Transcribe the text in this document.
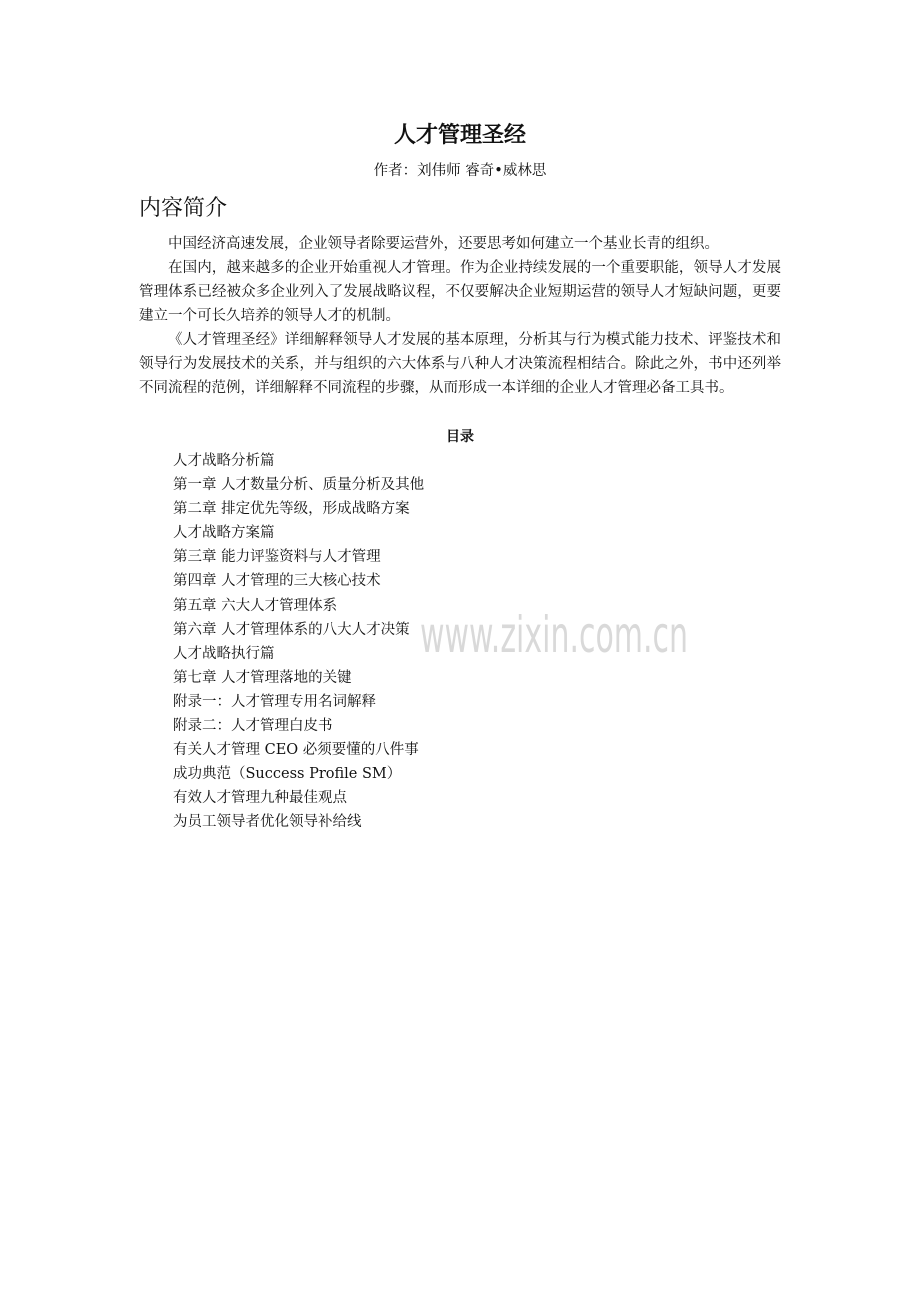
人才管理圣经
作者：刘伟师 睿奇•威林思
内容简介

中国经济高速发展，企业领导者除要运营外，还要思考如何建立一个基业长青的组织。

在国内，越来越多的企业开始重视人才管理。作为企业持续发展的一个重要职能，领导人才发展管理体系已经被众多企业列入了发展战略议程，不仅要解决企业短期运营的领导人才短缺问题，更要建立一个可长久培养的领导人才的机制。

《人才管理圣经》详细解释领导人才发展的基本原理，分析其与行为模式能力技术、评鉴技术和领导行为发展技术的关系，并与组织的六大体系与八种人才决策流程相结合。除此之外，书中还列举不同流程的范例，详细解释不同流程的步骤，从而形成一本详细的企业人才管理必备工具书。

目录
人才战略分析篇
第一章 人才数量分析、质量分析及其他
第二章 排定优先等级，形成战略方案
人才战略方案篇
第三章 能力评鉴资料与人才管理
第四章 人才管理的三大核心技术
第五章 六大人才管理体系
第六章 人才管理体系的八大人才决策
人才战略执行篇
第七章 人才管理落地的关键
附录一：人才管理专用名词解释
附录二：人才管理白皮书
有关人才管理 CEO 必须要懂的八件事
成功典范（Success Profile SM）
有效人才管理九种最佳观点
为员工领导者优化领导补给线
www.zixin.com.cn
